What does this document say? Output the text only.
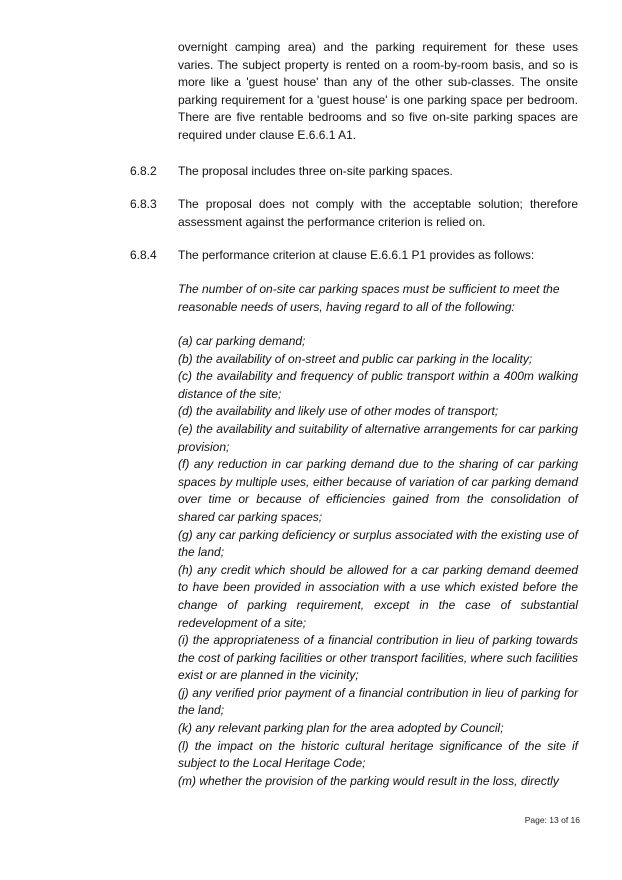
overnight camping area) and the parking requirement for these uses varies. The subject property is rented on a room-by-room basis, and so is more like a 'guest house' than any of the other sub-classes. The onsite parking requirement for a 'guest house' is one parking space per bedroom. There are five rentable bedrooms and so five on-site parking spaces are required under clause E.6.6.1 A1.

6.8.2	The proposal includes three on-site parking spaces.
6.8.3	The proposal does not comply with the acceptable solution; therefore assessment against the performance criterion is relied on.
6.8.4	The performance criterion at clause E.6.6.1 P1 provides as follows:

The number of on-site car parking spaces must be sufficient to meet the reasonable needs of users, having regard to all of the following:

(a) car parking demand;

(b) the availability of on-street and public car parking in the locality;

(c) the availability and frequency of public transport within a 400m walking distance of the site;

(d) the availability and likely use of other modes of transport;

(e) the availability and suitability of alternative arrangements for car parking provision;

(f) any reduction in car parking demand due to the sharing of car parking spaces by multiple uses, either because of variation of car parking demand over time or because of efficiencies gained from the consolidation of shared car parking spaces;

(g) any car parking deficiency or surplus associated with the existing use of the land;

(h) any credit which should be allowed for a car parking demand deemed to have been provided in association with a use which existed before the change of parking requirement, except in the case of substantial redevelopment of a site;

(i) the appropriateness of a financial contribution in lieu of parking towards the cost of parking facilities or other transport facilities, where such facilities exist or are planned in the vicinity;

(j) any verified prior payment of a financial contribution in lieu of parking for the land;

(k) any relevant parking plan for the area adopted by Council;

(l) the impact on the historic cultural heritage significance of the site if subject to the Local Heritage Code;

(m) whether the provision of the parking would result in the loss, directly

Page: 13 of 16
